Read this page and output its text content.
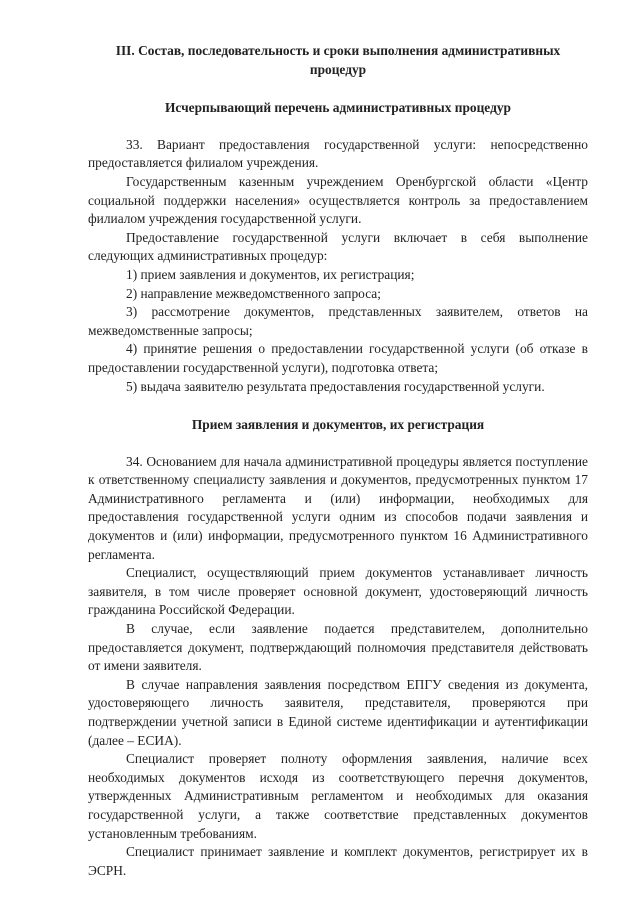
III. Состав, последовательность и сроки выполнения административных процедур

Исчерпывающий перечень административных процедур

33. Вариант предоставления государственной услуги: непосредственно предоставляется филиалом учреждения.

Государственным казенным учреждением Оренбургской области «Центр социальной поддержки населения» осуществляется контроль за предоставлением филиалом учреждения государственной услуги.

Предоставление государственной услуги включает в себя выполнение следующих административных процедур:

1) прием заявления и документов, их регистрация;

2) направление межведомственного запроса;

3) рассмотрение документов, представленных заявителем, ответов на межведомственные запросы;

4) принятие решения о предоставлении государственной услуги (об отказе в предоставлении государственной услуги), подготовка ответа;

5) выдача заявителю результата предоставления государственной услуги.

Прием заявления и документов, их регистрация

34. Основанием для начала административной процедуры является поступление к ответственному специалисту заявления и документов, предусмотренных пунктом 17 Административного регламента и (или) информации, необходимых для предоставления государственной услуги одним из способов подачи заявления и документов и (или) информации, предусмотренного пунктом 16 Административного регламента.

Специалист, осуществляющий прием документов устанавливает личность заявителя, в том числе проверяет основной документ, удостоверяющий личность гражданина Российской Федерации.

В случае, если заявление подается представителем, дополнительно предоставляется документ, подтверждающий полномочия представителя действовать от имени заявителя.

В случае направления заявления посредством ЕПГУ сведения из документа, удостоверяющего личность заявителя, представителя, проверяются при подтверждении учетной записи в Единой системе идентификации и аутентификации (далее – ЕСИА).

Специалист проверяет полноту оформления заявления, наличие всех необходимых документов исходя из соответствующего перечня документов, утвержденных Административным регламентом и необходимых для оказания государственной услуги, а также соответствие представленных документов установленным требованиям.

Специалист принимает заявление и комплект документов, регистрирует их в ЭСРН.
